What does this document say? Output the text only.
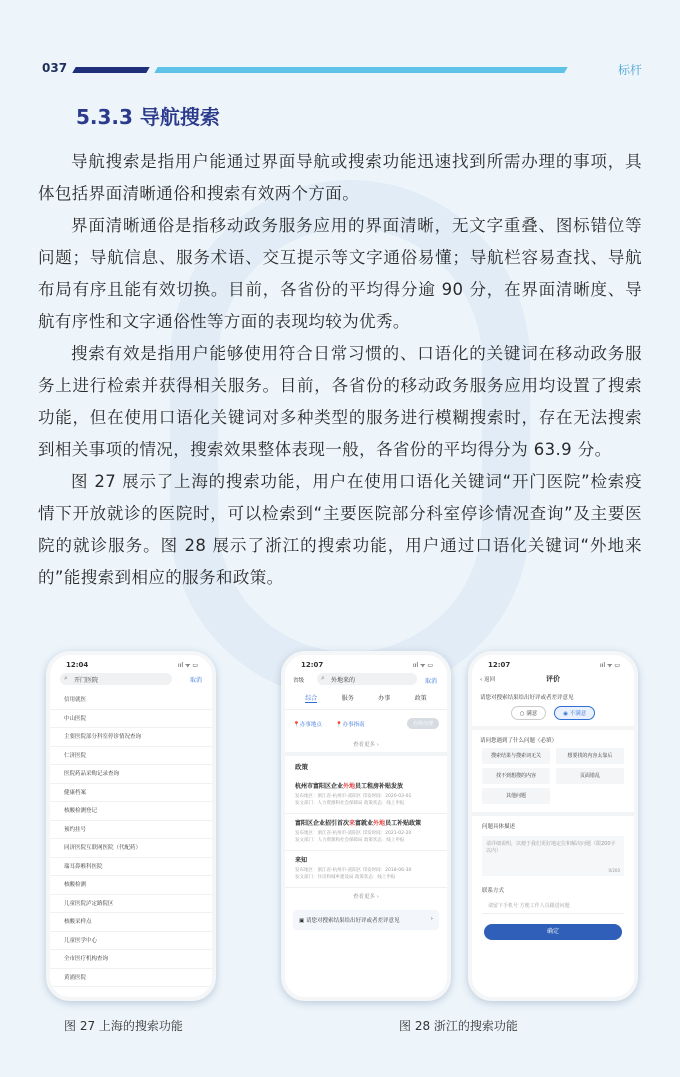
037	标杆
5.3.3 导航搜索

导航搜索是指用户能通过界面导航或搜索功能迅速找到所需办理的事项，具体包括界面清晰通俗和搜索有效两个方面。

界面清晰通俗是指移动政务服务应用的界面清晰，无文字重叠、图标错位等问题；导航信息、服务术语、交互提示等文字通俗易懂；导航栏容易查找、导航布局有序且能有效切换。目前，各省份的平均得分逾 90 分，在界面清晰度、导航有序性和文字通俗性等方面的表现均较为优秀。

搜索有效是指用户能够使用符合日常习惯的、口语化的关键词在移动政务服务上进行检索并获得相关服务。目前，各省份的移动政务服务应用均设置了搜索功能，但在使用口语化关键词对多种类型的服务进行模糊搜索时，存在无法搜索到相关事项的情况，搜索效果整体表现一般，各省份的平均得分为 63.9 分。

图 27 展示了上海的搜索功能，用户在使用口语化关键词“开门医院”检索疫情下开放就诊的医院时，可以检索到“主要医院部分科室停诊情况查询”及主要医院的就诊服务。图 28 展示了浙江的搜索功能，用户通过口语化关键词“外地来的”能搜索到相应的服务和政策。

12:04	ııl ᯤ ▭
⌕ 开门医院	取消
信用就医
中山医院
主要医院部分科室停诊情况查询
仁济医院
医院药品采购记录查询
健康档案
核酸检测登记
预约挂号
同济医院互联网医院（代配药）
瑞耳鼻喉科医院
核酸检测
儿童医院泸定路院区
核酸采样点
儿童医学中心
全市医疗机构查询
黄浦医院
12:07	ııl ᯤ ▭
省级 ⌕ 外地来的	取消
综合	服务	办事	政策
📍办事地点	📍办事指南	在线办理
查看更多 ›
政策
杭州市富阳区企业外地员工租房补贴发放
发布地区：浙江省-杭州市-富阳区 印发时间：2020-03-01
发文部门：人力资源和社会保障局 政策状态：线上申报
富阳区企业招引首次来富就业外地员工补贴政策
发布地区：浙江省-杭州市-富阳区 印发时间：2021-02-20
发文部门：人力资源和社会保障局 政策状态：线上申报
来知
发布地区：浙江省-杭州市-富阳区 印发时间：2018-06-30
发文部门：住房和城乡建设局 政策状态：线上申报
查看更多 ›
▣ 请您对搜索结果给出好评或者差评意见	›
12:07	ııl ᯤ ▭
‹ 返回	评价
请您对搜索结果给出好评或者差评意见
○ 满意	◉ 不满意
请问您遇到了什么问题（必填）
搜索结果与搜索词无关	想要找的内容太靠后 找不到想搜的内容	页面错乱 其他问题
问题具体描述
请详细说明，以便于我们更好地定位和解决问题（限200字以内）
0/200
联系方式
请留下手机号 方便工作人员跟进问题
确定
图 27 上海的搜索功能	图 28 浙江的搜索功能
